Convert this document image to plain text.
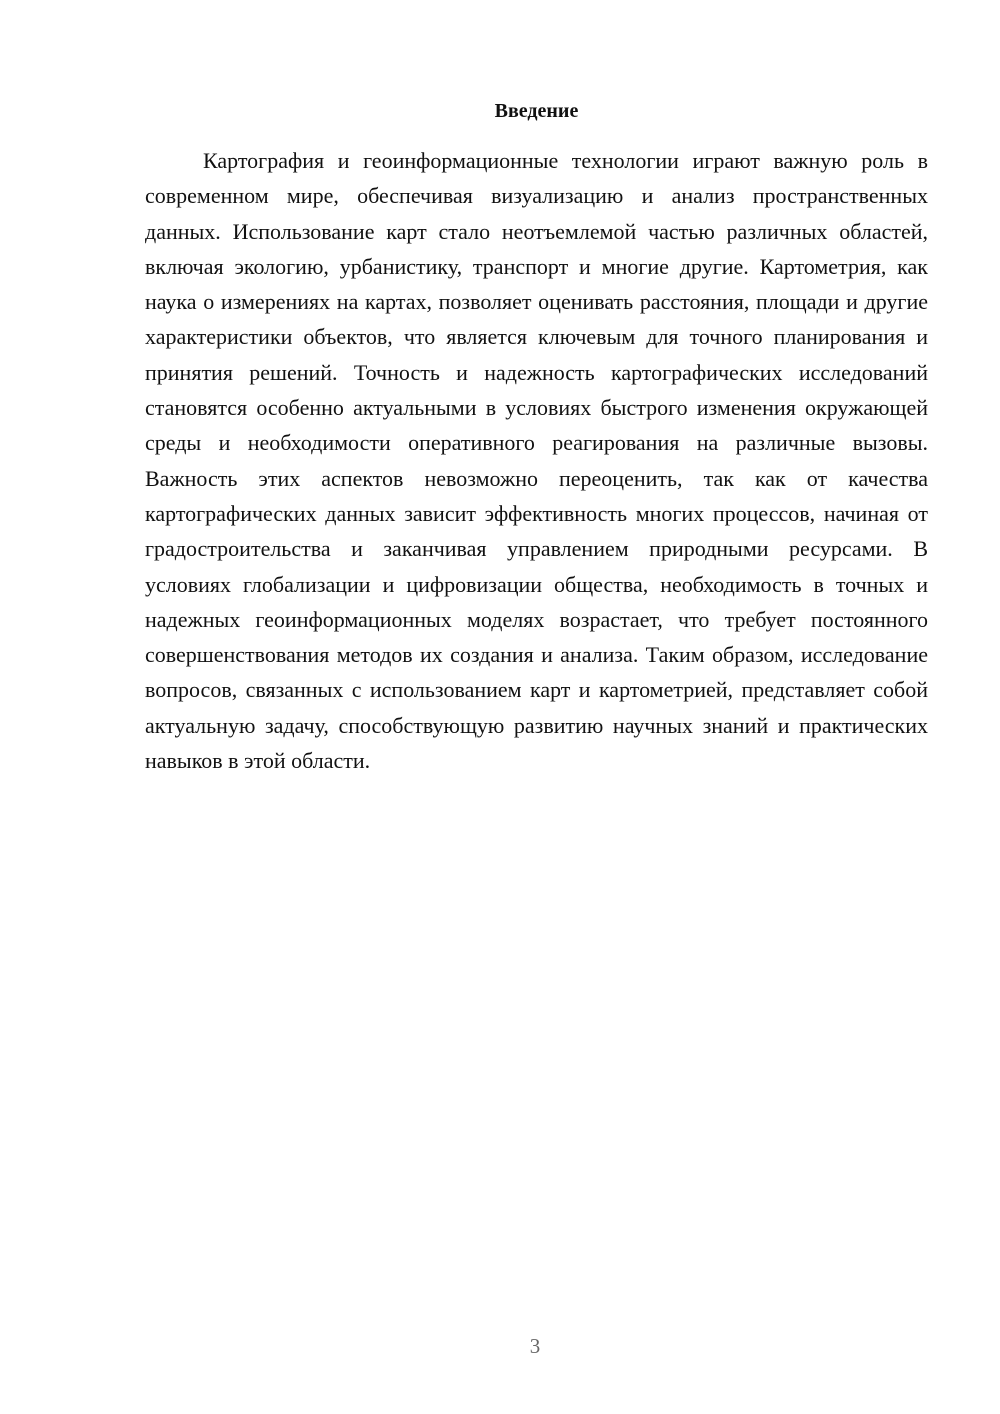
Введение

Картография и геоинформационные технологии играют важную роль в современном мире, обеспечивая визуализацию и анализ пространственных данных. Использование карт стало неотъемлемой частью различных областей, включая экологию, урбанистику, транспорт и многие другие. Картометрия, как наука о измерениях на картах, позволяет оценивать расстояния, площади и другие характеристики объектов, что является ключевым для точного планирования и принятия решений. Точность и надежность картографических исследований становятся особенно актуальными в условиях быстрого изменения окружающей среды и необходимости оперативного реагирования на различные вызовы. Важность этих аспектов невозможно переоценить, так как от качества картографических данных зависит эффективность многих процессов, начиная от градостроительства и заканчивая управлением природными ресурсами. В условиях глобализации и цифровизации общества, необходимость в точных и надежных геоинформационных моделях возрастает, что требует постоянного совершенствования методов их создания и анализа. Таким образом, исследование вопросов, связанных с использованием карт и картометрией, представляет собой актуальную задачу, способствующую развитию научных знаний и практических навыков в этой области.

3
